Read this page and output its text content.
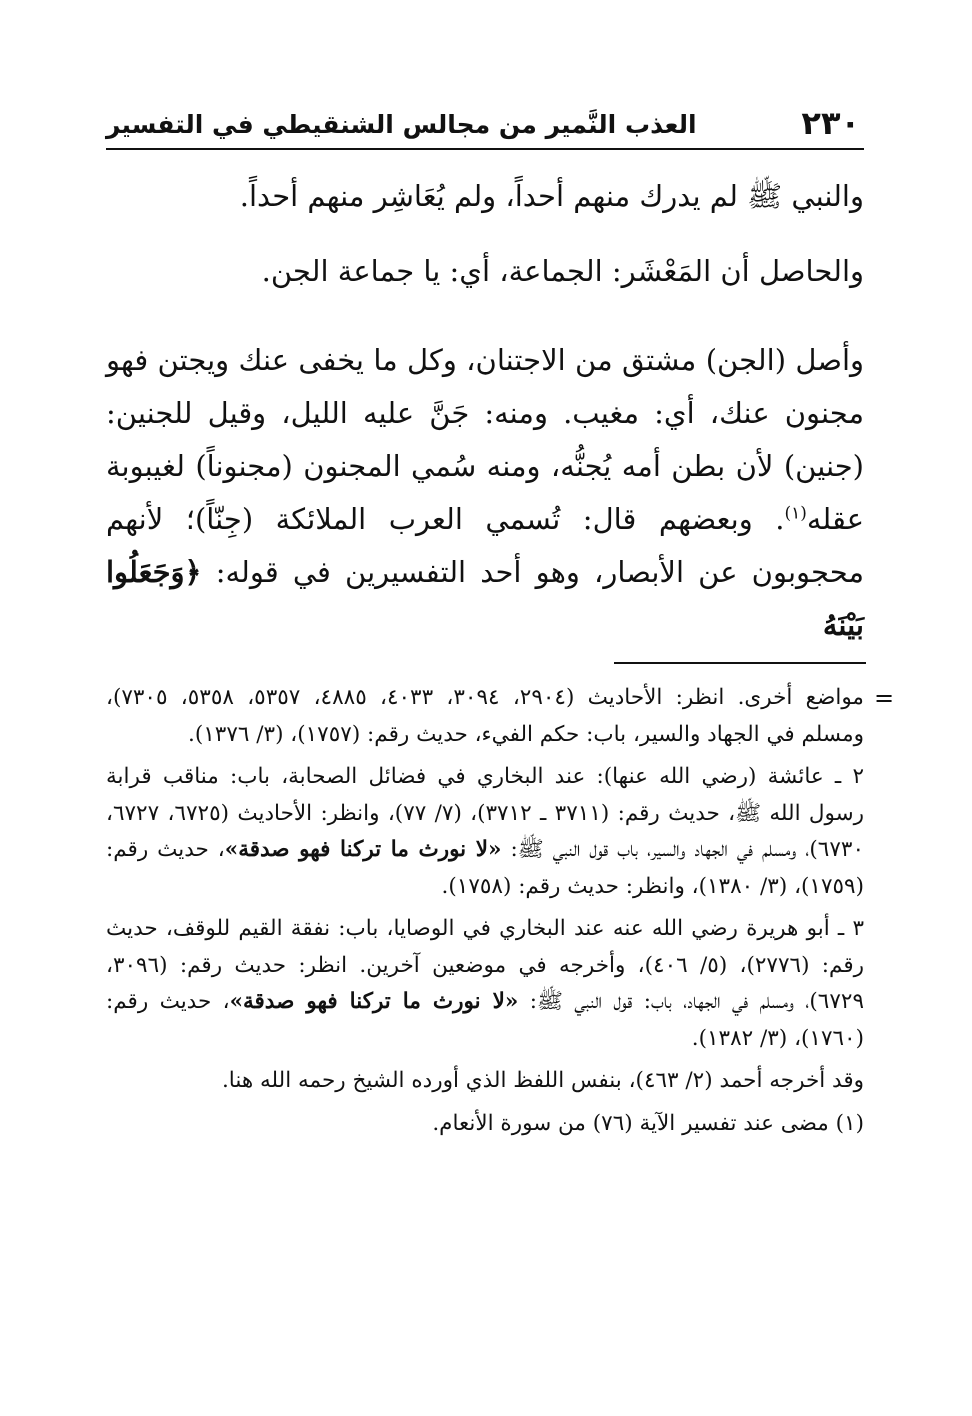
٢٣٠
العذب النَّمير من مجالس الشنقيطي في التفسير

والنبي ﷺ لم يدرك منهم أحداً، ولم يُعَاشِر منهم أحداً.

والحاصل أن المَعْشَر: الجماعة، أي: يا جماعة الجن.

وأصل (الجن) مشتق من الاجتنان، وكل ما يخفى عنك ويجتن فهو مجنون عنك، أي: مغيب. ومنه: جَنَّ عليه الليل، وقيل للجنين: (جنين) لأن بطن أمه يُجنُّه، ومنه سُمي المجنون (مجنوناً) لغيبوبة عقله$^{(١)}$. وبعضهم قال: تُسمي العرب الملائكة (جِنّاً)؛ لأنهم محجوبون عن الأبصار، وهو أحد التفسيرين في قوله: ﴿وَجَعَلُوا بَيْنَهُ

=

مواضع أخرى. انظر: الأحاديث (٢٩٠٤، ٣٠٩٤، ٤٠٣٣، ٤٨٨٥، ٥٣٥٧، ٥٣٥٨، ٧٣٠٥)، ومسلم في الجهاد والسير، باب: حكم الفيء، حديث رقم: (١٧٥٧)، (٣/ ١٣٧٦).

٢ ـ عائشة (رضي الله عنها): عند البخاري في فضائل الصحابة، باب: مناقب قرابة رسول الله ﷺ، حديث رقم: (٣٧١١ ـ ٣٧١٢)، (٧/ ٧٧)، وانظر: الأحاديث (٦٧٢٥، ٦٧٢٧، ٦٧٣٠)، ومسلم في الجهاد والسير، باب قول النبي ﷺ: «لا نورث ما تركنا فهو صدقة»، حديث رقم: (١٧٥٩)، (٣/ ١٣٨٠)، وانظر: حديث رقم: (١٧٥٨).

٣ ـ أبو هريرة رضي الله عنه عند البخاري في الوصايا، باب: نفقة القيم للوقف، حديث رقم: (٢٧٧٦)، (٥/ ٤٠٦)، وأخرجه في موضعين آخرين. انظر: حديث رقم: (٣٠٩٦، ٦٧٢٩)، ومسلم في الجهاد، باب: قول النبي ﷺ: «لا نورث ما تركنا فهو صدقة»، حديث رقم: (١٧٦٠)، (٣/ ١٣٨٢).

وقد أخرجه أحمد (٢/ ٤٦٣)، بنفس اللفظ الذي أورده الشيخ رحمه الله هنا.

(١) مضى عند تفسير الآية (٧٦) من سورة الأنعام.
